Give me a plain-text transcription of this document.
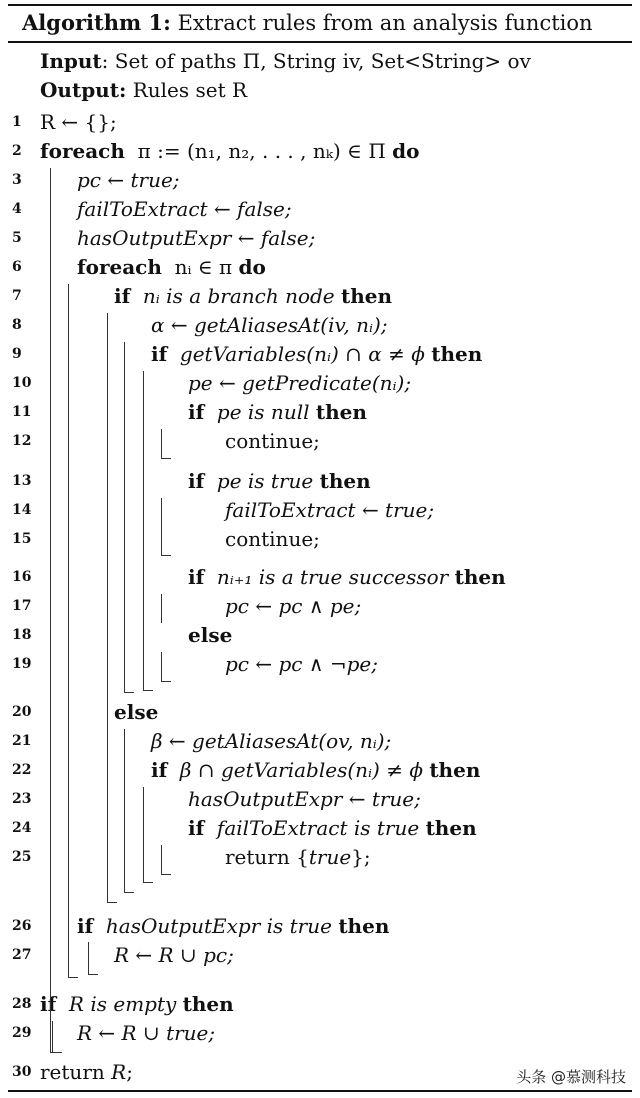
Algorithm 1: Extract rules from an analysis function
Input: Set of paths Π, String iv, Set<String> ov
Output: Rules set R
1 R ← {};
2 foreach  π := (n₁, n₂, . . . , nₖ) ∈ Π do
3	pc ← true;
4	failToExtract ← false;
5	hasOutputExpr ← false;
6	foreach  nᵢ ∈ π do
7	if  nᵢ is a branch node then
8	α ← getAliasesAt(iv, nᵢ);
9	if  getVariables(nᵢ) ∩ α ≠ ϕ then
10	pe ← getPredicate(nᵢ);
11	if  pe is null then
12	continue;
13	if  pe is true then
14	failToExtract ← true;
15	continue;
16	if  nᵢ₊₁ is a true successor then
17	pc ← pc ∧ pe;
18	else
19	pc ← pc ∧ ¬pe;
20	else
21	β ← getAliasesAt(ov, nᵢ);
22	if  β ∩ getVariables(nᵢ) ≠ ϕ then
23	hasOutputExpr ← true;
24	if  failToExtract is true then
25	return {true};
26 if  hasOutputExpr is true then
27	R ← R ∪ pc;
28 if  R is empty then
29 R ← R ∪ true;
30 return R;	头条 @慕测科技
